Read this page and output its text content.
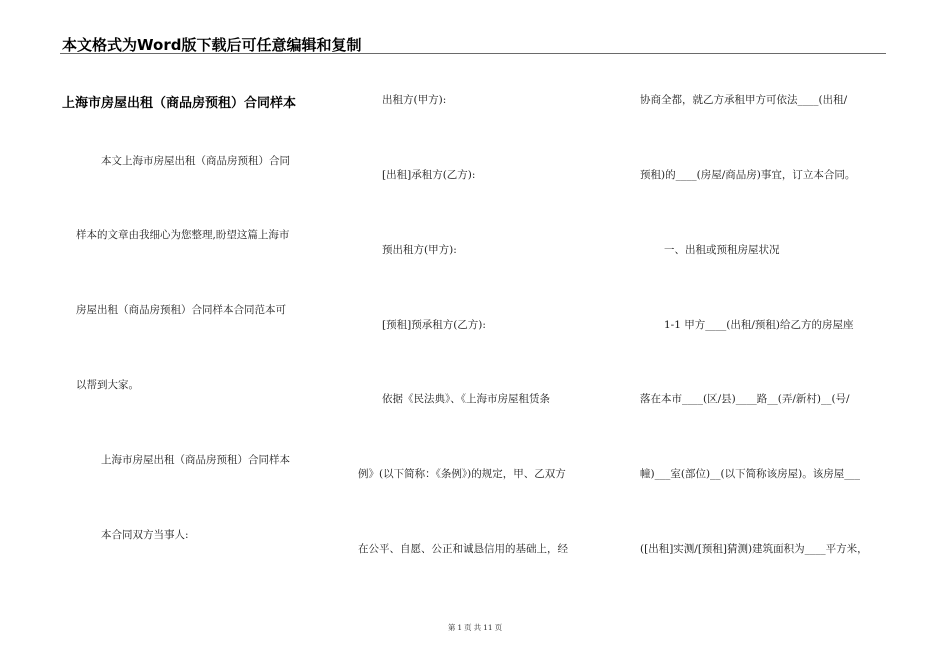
本文格式为Word版下载后可任意编辑和复制
上海市房屋出租（商品房预租）合同样本
本文上海市房屋出租（商品房预租）合同
样本的文章由我细心为您整理,盼望这篇上海市
房屋出租（商品房预租）合同样本合同范本可
以帮到大家。
上海市房屋出租（商品房预租）合同样本
本合同双方当事人:
出租方(甲方):
[出租]承租方(乙方):
预出租方(甲方):
[预租]预承租方(乙方):
依据《民法典》、《上海市房屋租赁条
例》(以下简称：《条例》)的规定，甲、乙双方
在公平、自愿、公正和诚恳信用的基础上，经
协商全都，就乙方承租甲方可依法____(出租/
预租)的____(房屋/商品房)事宜，订立本合同。
一、出租或预租房屋状况
1-1 甲方____(出租/预租)给乙方的房屋座
落在本市____(区/县)____路__(弄/新村)__(号/
幢)___室(部位)__(以下简称该房屋)。该房屋___
([出租]实测/[预租]猜测)建筑面积为____平方米，
第 1 页 共 11 页
